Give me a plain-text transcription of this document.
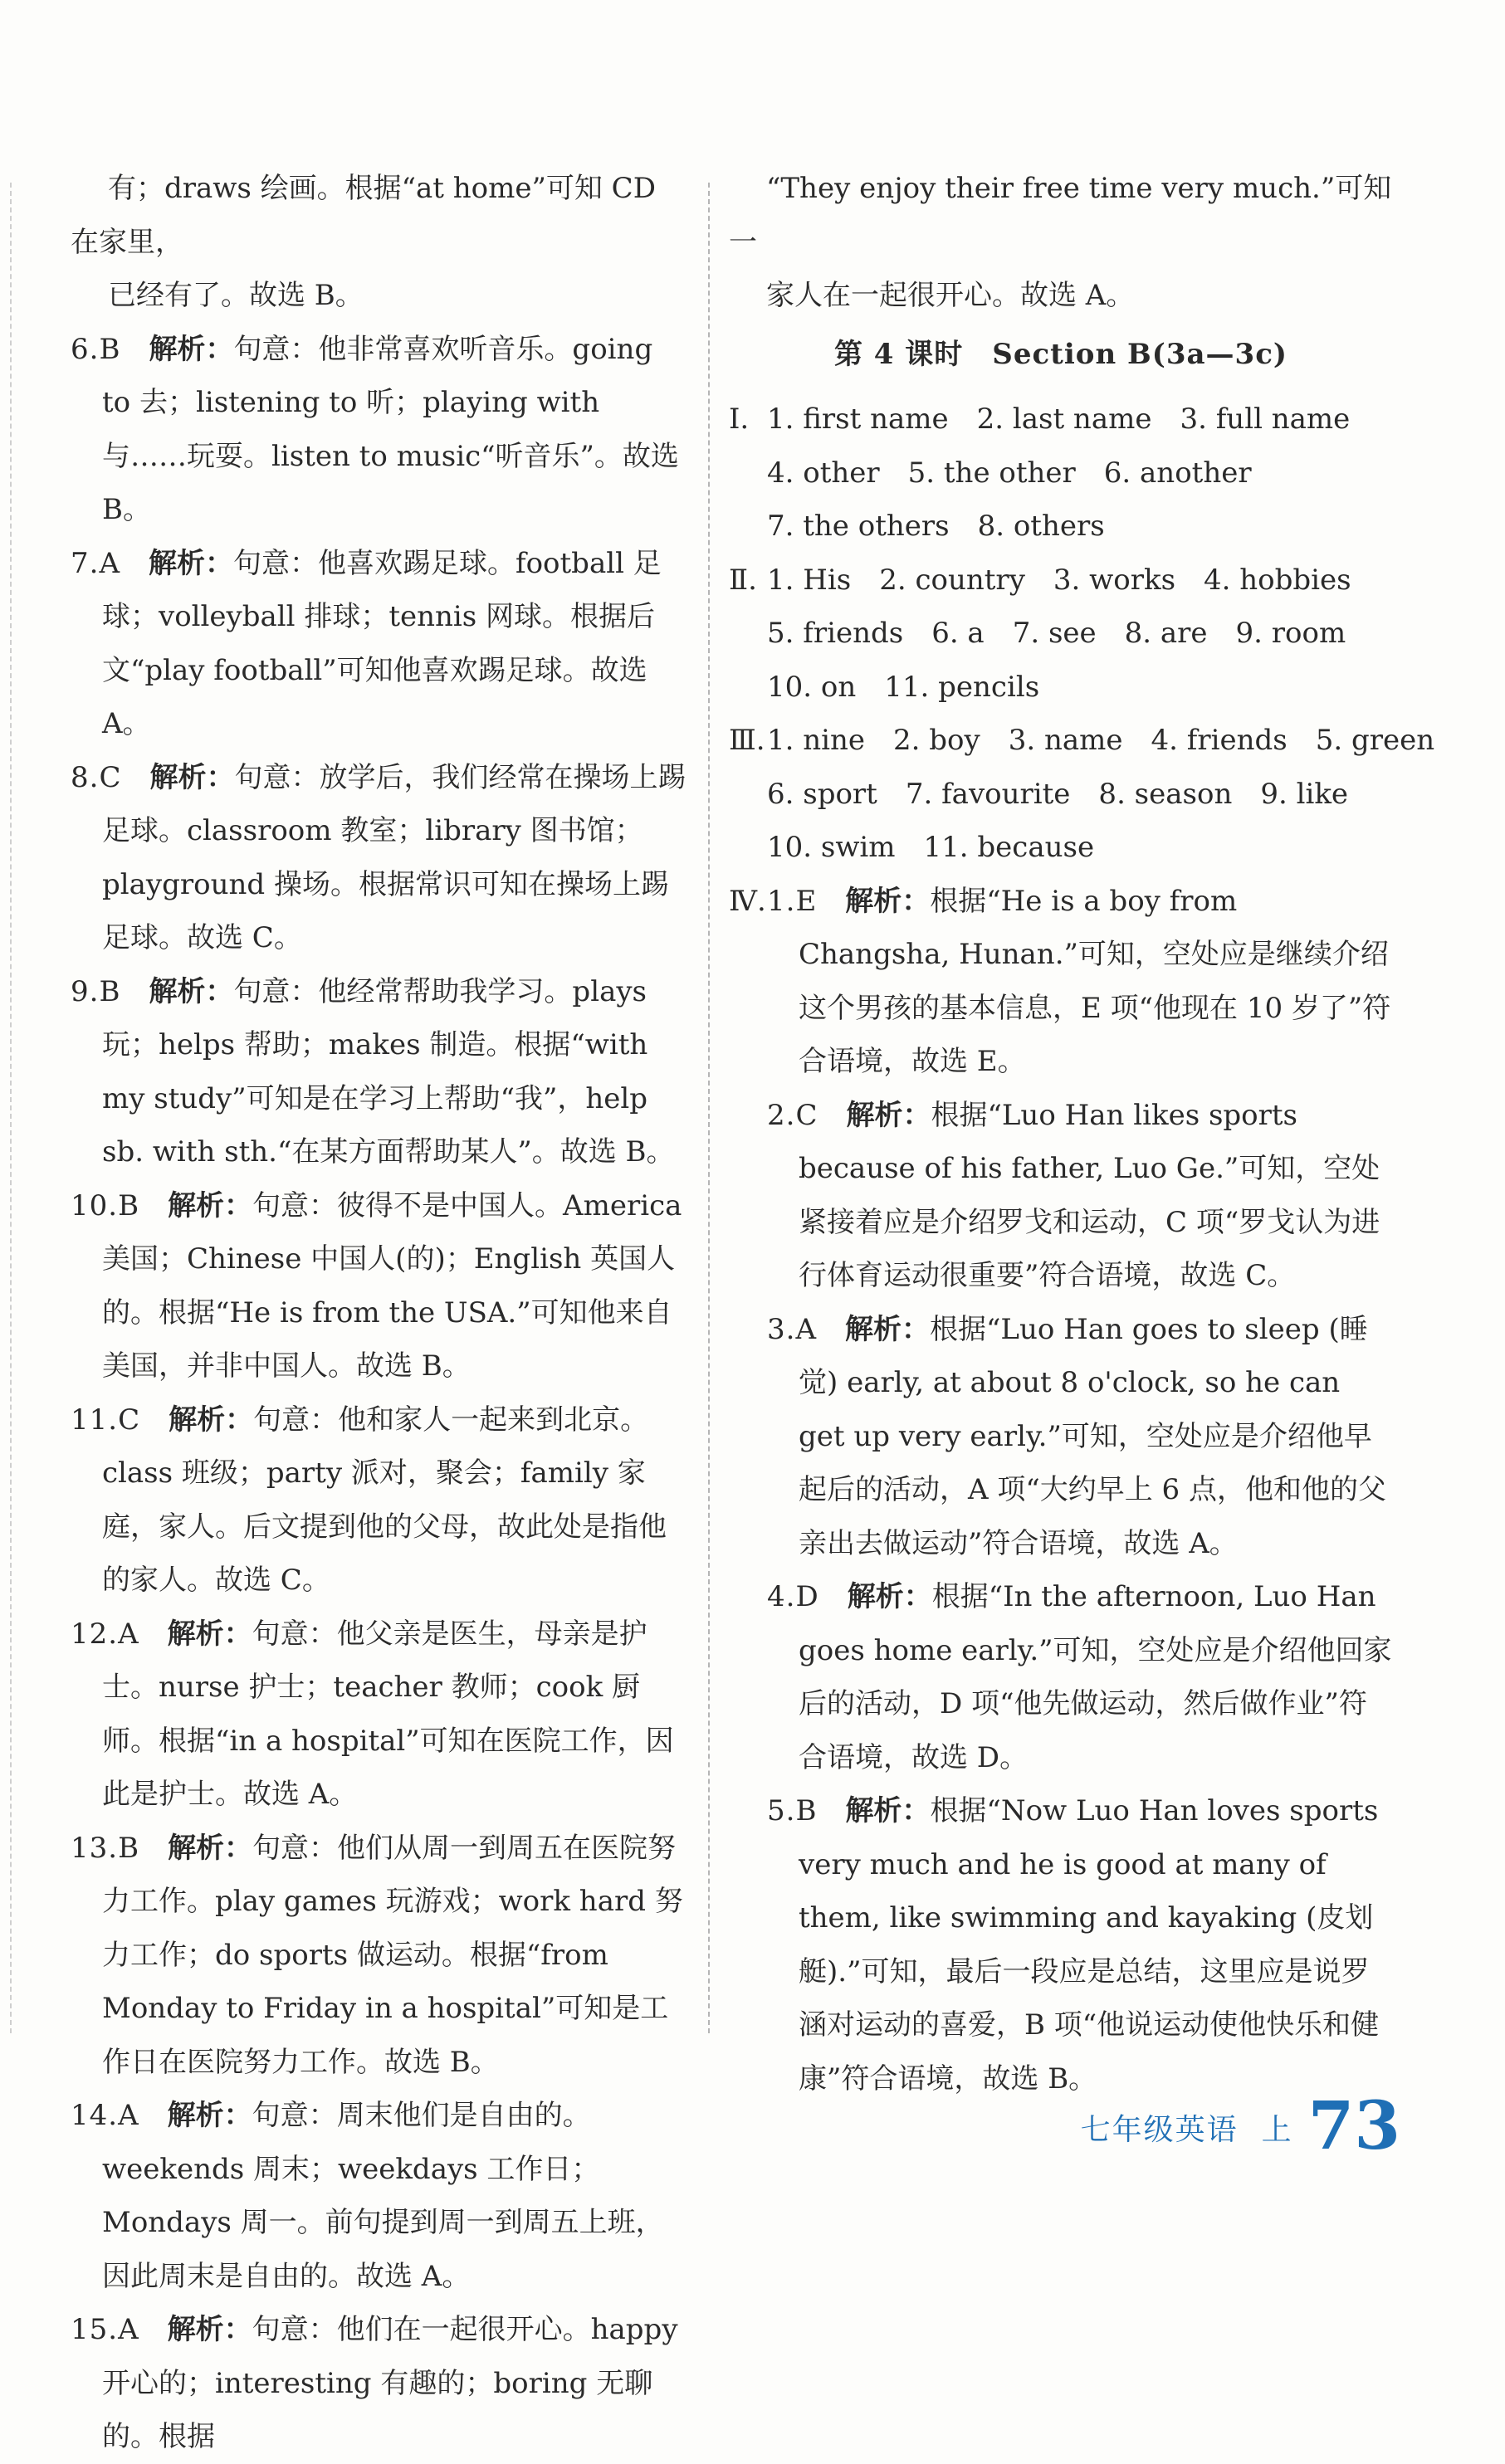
有；draws 绘画。根据“at home”可知 CD 在家里，

已经有了。故选 B。

6.B　 解析：句意：他非常喜欢听音乐。going to 去；listening to 听；playing with 与……玩耍。listen to music“听音乐”。故选 B。

7.A　 解析：句意：他喜欢踢足球。football 足球；volleyball 排球；tennis 网球。根据后文“play football”可知他喜欢踢足球。故选 A。

8.C　 解析：句意：放学后，我们经常在操场上踢足球。classroom 教室；library 图书馆；playground 操场。根据常识可知在操场上踢足球。故选 C。

9.B　 解析：句意：他经常帮助我学习。plays 玩；helps 帮助；makes 制造。根据“with my study”可知是在学习上帮助“我”，help sb. with sth.“在某方面帮助某人”。故选 B。

10.B　 解析：句意：彼得不是中国人。America 美国；Chinese 中国人(的)；English 英国人的。根据“He is from the USA.”可知他来自美国，并非中国人。故选 B。

11.C　 解析：句意：他和家人一起来到北京。class 班级；party 派对，聚会；family 家庭，家人。后文提到他的父母，故此处是指他的家人。故选 C。

12.A　 解析：句意：他父亲是医生，母亲是护士。nurse 护士；teacher 教师；cook 厨师。根据“in a hospital”可知在医院工作，因此是护士。故选 A。

13.B　 解析：句意：他们从周一到周五在医院努力工作。play games 玩游戏；work hard 努力工作；do sports 做运动。根据“from Monday to Friday in a hospital”可知是工作日在医院努力工作。故选 B。

14.A　 解析：句意：周末他们是自由的。weekends 周末；weekdays 工作日；Mondays 周一。前句提到周一到周五上班，因此周末是自由的。故选 A。

15.A　 解析：句意：他们在一起很开心。happy 开心的；interesting 有趣的；boring 无聊的。根据

“They enjoy their free time very much.”可知一

家人在一起很开心。故选 A。

第 4 课时　Section B(3a—3c)
Ⅰ. 1. first name　2. last name　3. full name
4. other　5. the other　6. another
7. the others　8. others
Ⅱ. 1. His　2. country　3. works　4. hobbies
5. friends　6. a　7. see　8. are　9. room
10. on　11. pencils
Ⅲ. 1. nine　2. boy　3. name　4. friends　5. green
6. sport　7. favourite　8. season　9. like
10. swim　11. because
Ⅳ. 1.E　 解析：根据“He is a boy from Changsha, Hunan.”可知，空处应是继续介绍这个男孩的基本信息，E 项“他现在 10 岁了”符合语境，故选 E。

2.C　 解析：根据“Luo Han likes sports because of his father, Luo Ge.”可知，空处紧接着应是介绍罗戈和运动，C 项“罗戈认为进行体育运动很重要”符合语境，故选 C。

3.A　 解析：根据“Luo Han goes to sleep (睡觉) early, at about 8 o'clock, so he can get up very early.”可知，空处应是介绍他早起后的活动，A 项“大约早上 6 点，他和他的父亲出去做运动”符合语境，故选 A。

4.D　 解析：根据“In the afternoon, Luo Han goes home early.”可知，空处应是介绍他回家后的活动，D 项“他先做运动，然后做作业”符合语境，故选 D。

5.B　 解析：根据“Now Luo Han loves sports very much and he is good at many of them, like swimming and kayaking (皮划艇).”可知，最后一段应是总结，这里应是说罗涵对运动的喜爱，B 项“他说运动使他快乐和健康”符合语境，故选 B。

七年级英语 上 73
